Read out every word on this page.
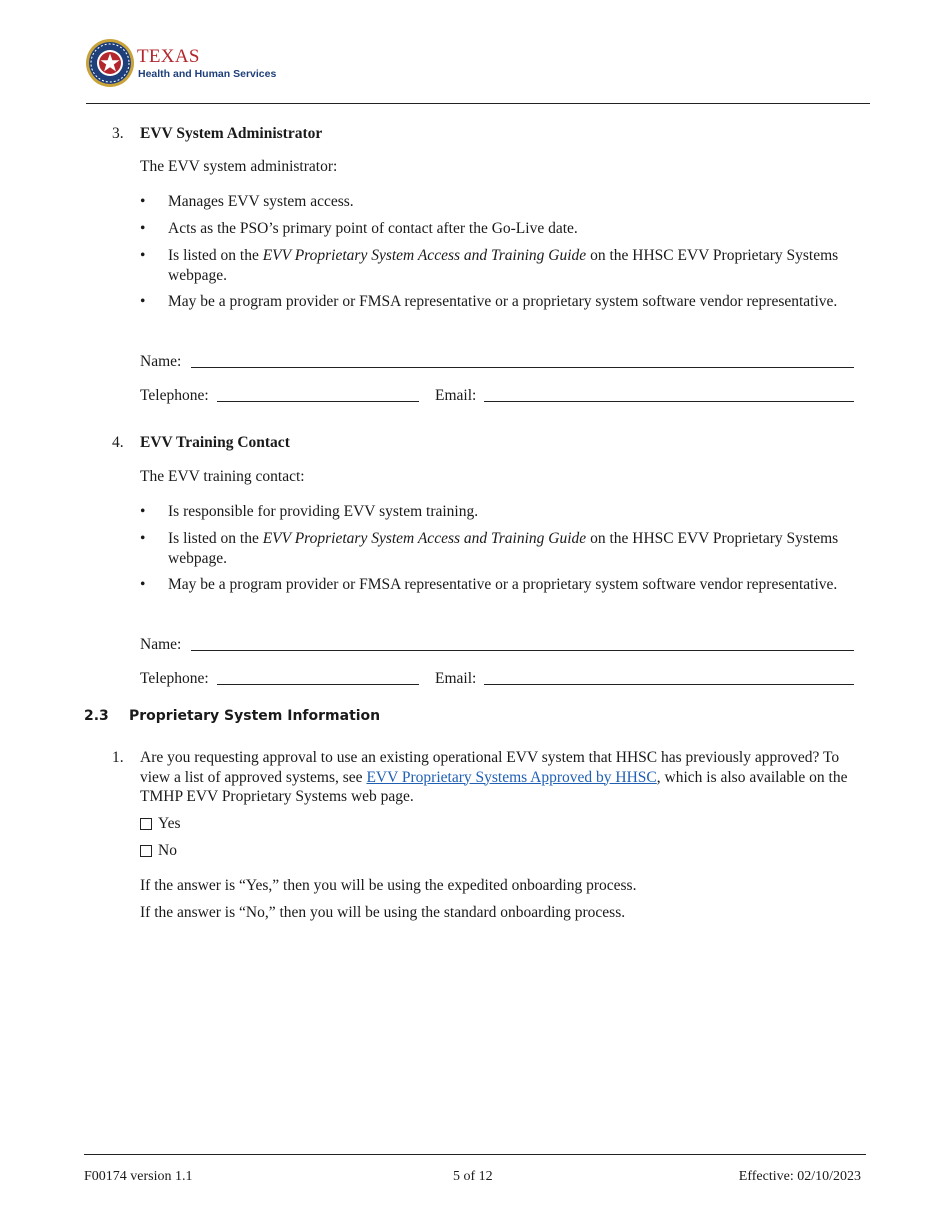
TEXAS
Health and Human Services
3. EVV System Administrator
The EVV system administrator:
• Manages EVV system access.
• Acts as the PSO’s primary point of contact after the Go-Live date.
• Is listed on the EVV Proprietary System Access and Training Guide on the HHSC EVV Proprietary Systems webpage.
• May be a program provider or FMSA representative or a proprietary system software vendor representative.
Name:
Telephone:	Email:
4. EVV Training Contact
The EVV training contact:
• Is responsible for providing EVV system training.
• Is listed on the EVV Proprietary System Access and Training Guide on the HHSC EVV Proprietary Systems webpage.
• May be a program provider or FMSA representative or a proprietary system software vendor representative.
Name:
Telephone:	Email:
2.3 Proprietary System Information
1. Are you requesting approval to use an existing operational EVV system that HHSC has previously approved? To view a list of approved systems, see EVV Proprietary Systems Approved by HHSC, which is also available on the TMHP EVV Proprietary Systems web page.
Yes
No
If the answer is “Yes,” then you will be using the expedited onboarding process.
If the answer is “No,” then you will be using the standard onboarding process.
F00174 version 1.1	5 of 12	Effective: 02/10/2023
